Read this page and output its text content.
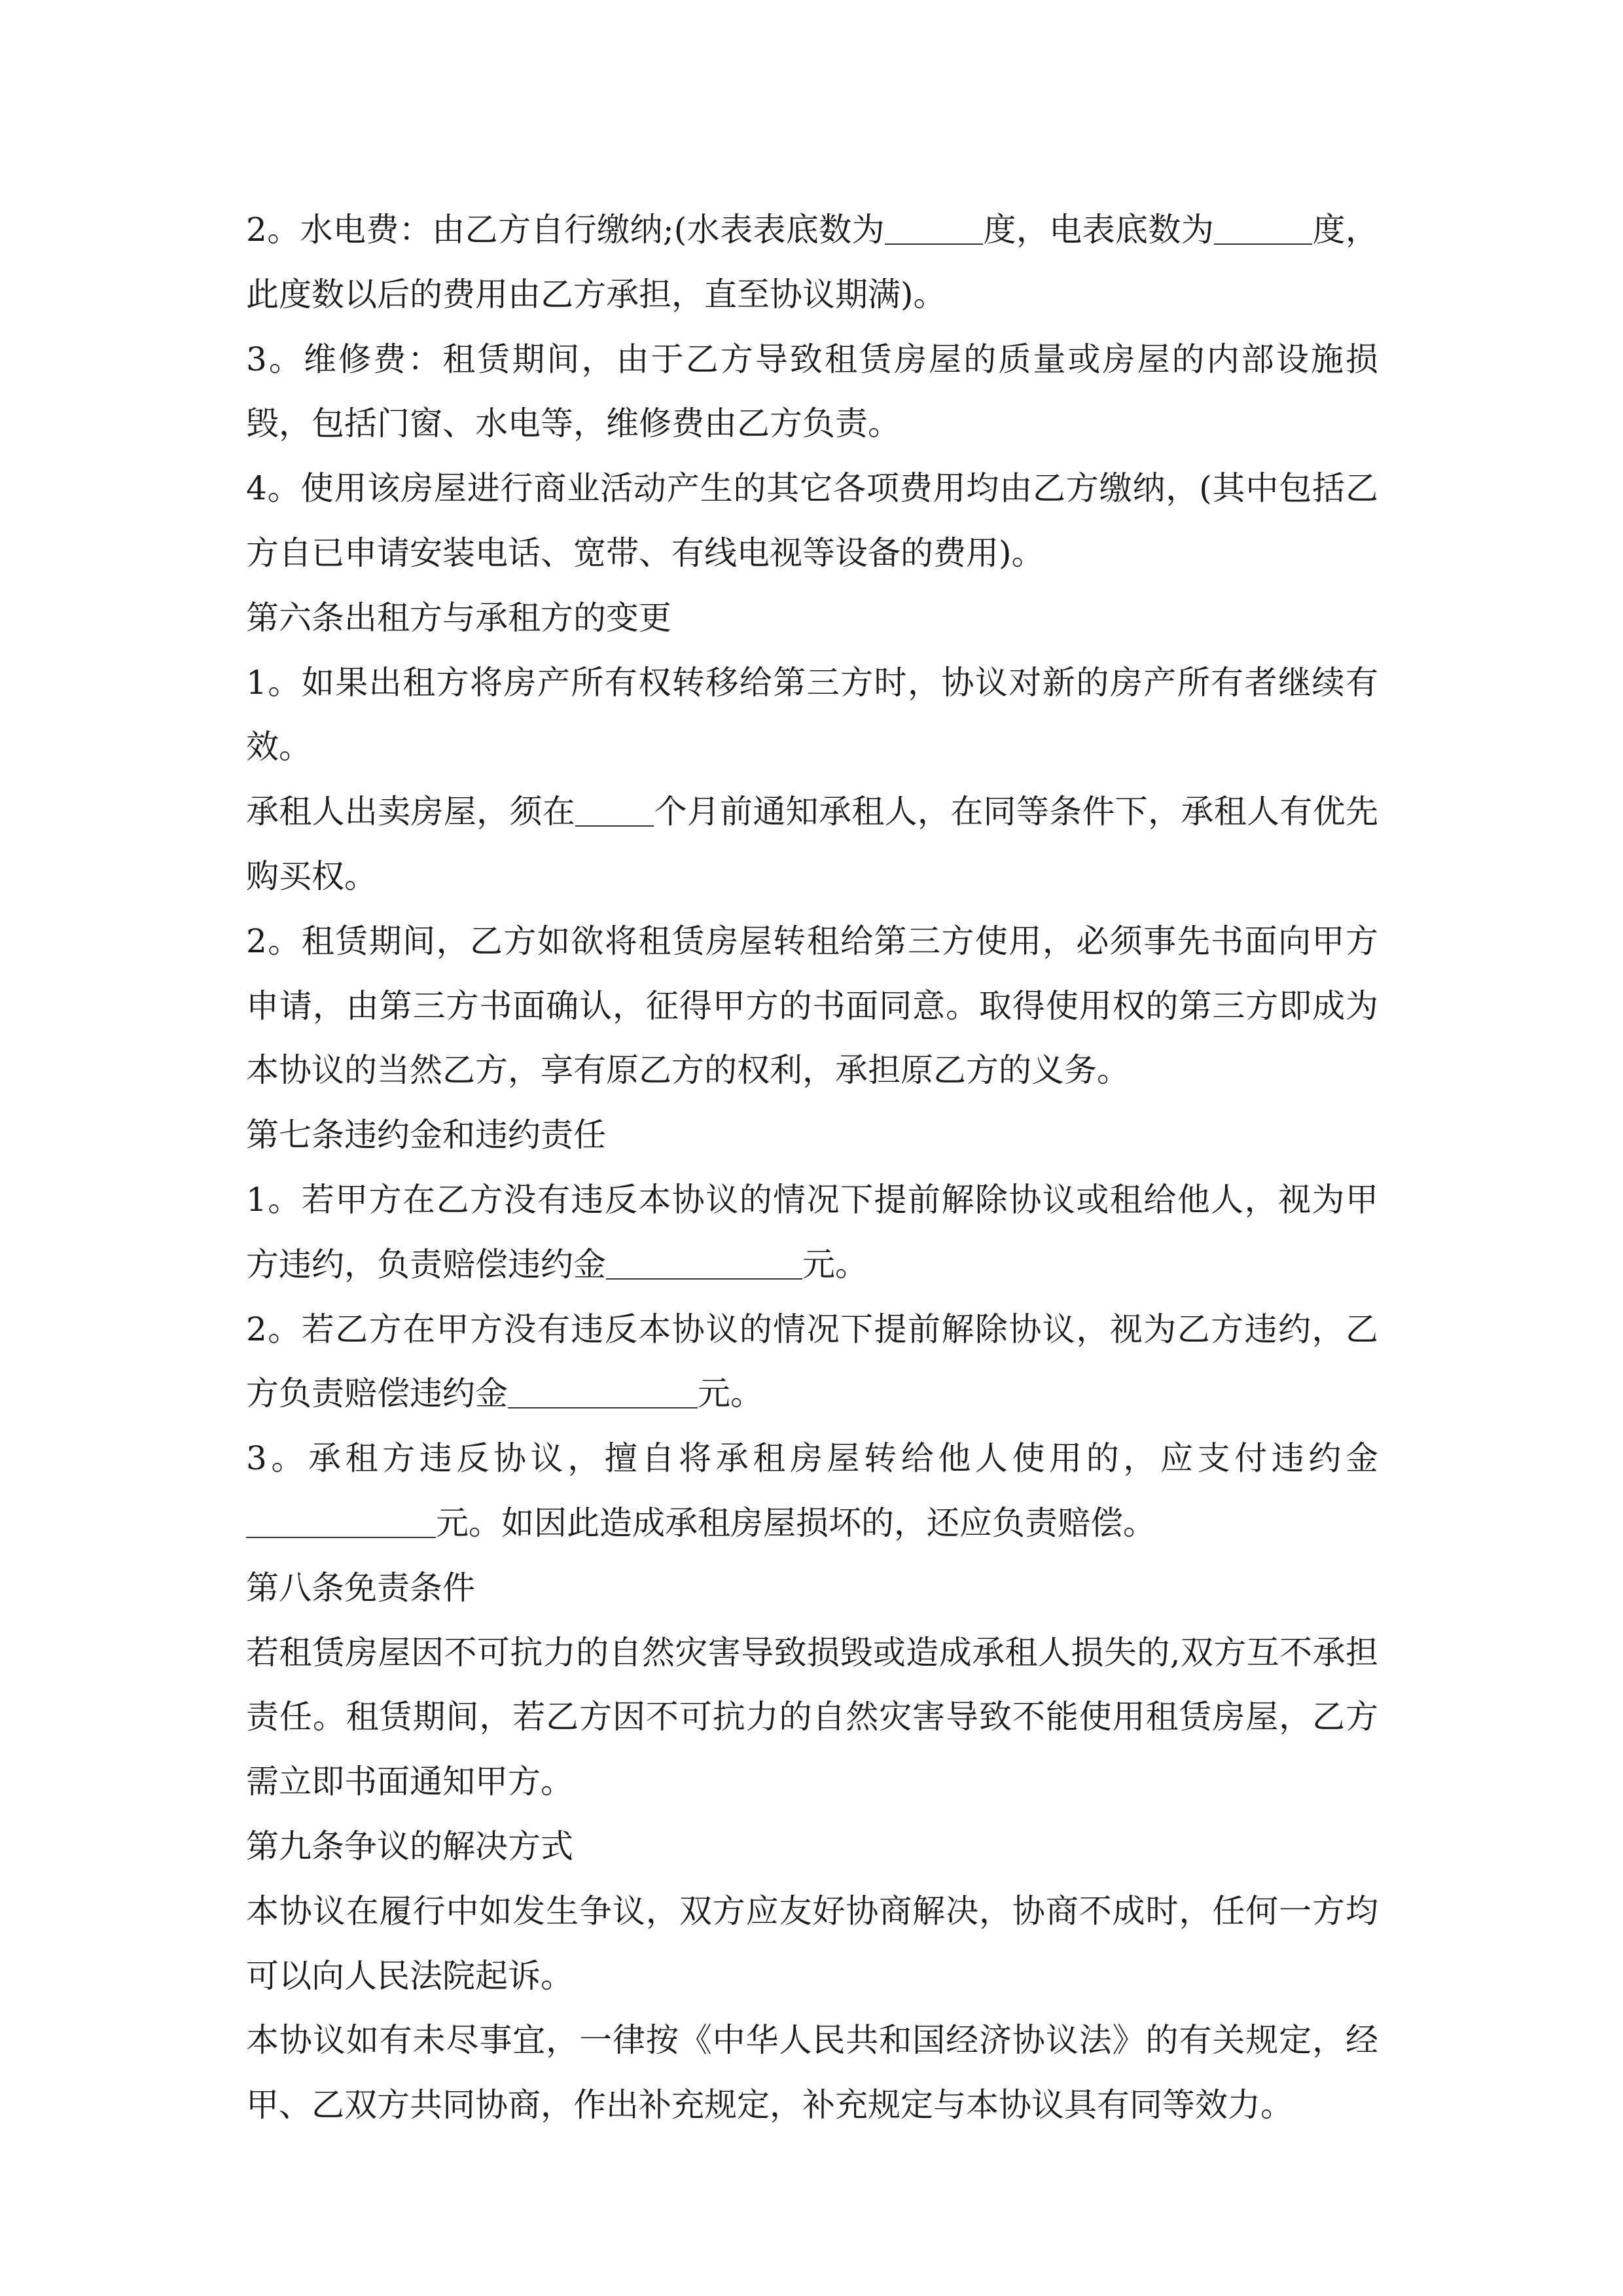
2。水电费：由乙方自行缴纳;(水表表底数为	度，电表底数为	度，此度数以后的费用由乙方承担，直至协议期满)。

3。维修费：租赁期间，由于乙方导致租赁房屋的质量或房屋的内部设施损毁，包括门窗、水电等，维修费由乙方负责。

4。使用该房屋进行商业活动产生的其它各项费用均由乙方缴纳，(其中包括乙方自已申请安装电话、宽带、有线电视等设备的费用)。

第六条出租方与承租方的变更

1。如果出租方将房产所有权转移给第三方时，协议对新的房产所有者继续有效。

承租人出卖房屋，须在 个月前通知承租人，在同等条件下，承租人有优先购买权。

2。租赁期间，乙方如欲将租赁房屋转租给第三方使用，必须事先书面向甲方申请，由第三方书面确认，征得甲方的书面同意。取得使用权的第三方即成为本协议的当然乙方，享有原乙方的权利，承担原乙方的义务。

第七条违约金和违约责任

1。若甲方在乙方没有违反本协议的情况下提前解除协议或租给他人，视为甲方违约，负责赔偿违约金	元。

2。若乙方在甲方没有违反本协议的情况下提前解除协议，视为乙方违约，乙方负责赔偿违约金	元。

3。承租方违反协议，擅自将承租房屋转给他人使用的，应支付违约金元。如因此造成承租房屋损坏的，还应负责赔偿。

第八条免责条件

若租赁房屋因不可抗力的自然灾害导致损毁或造成承租人损失的,双方互不承担责任。租赁期间，若乙方因不可抗力的自然灾害导致不能使用租赁房屋，乙方需立即书面通知甲方。

第九条争议的解决方式

本协议在履行中如发生争议，双方应友好协商解决，协商不成时，任何一方均可以向人民法院起诉。

本协议如有未尽事宜，一律按《中华人民共和国经济协议法》的有关规定，经甲、乙双方共同协商，作出补充规定，补充规定与本协议具有同等效力。
